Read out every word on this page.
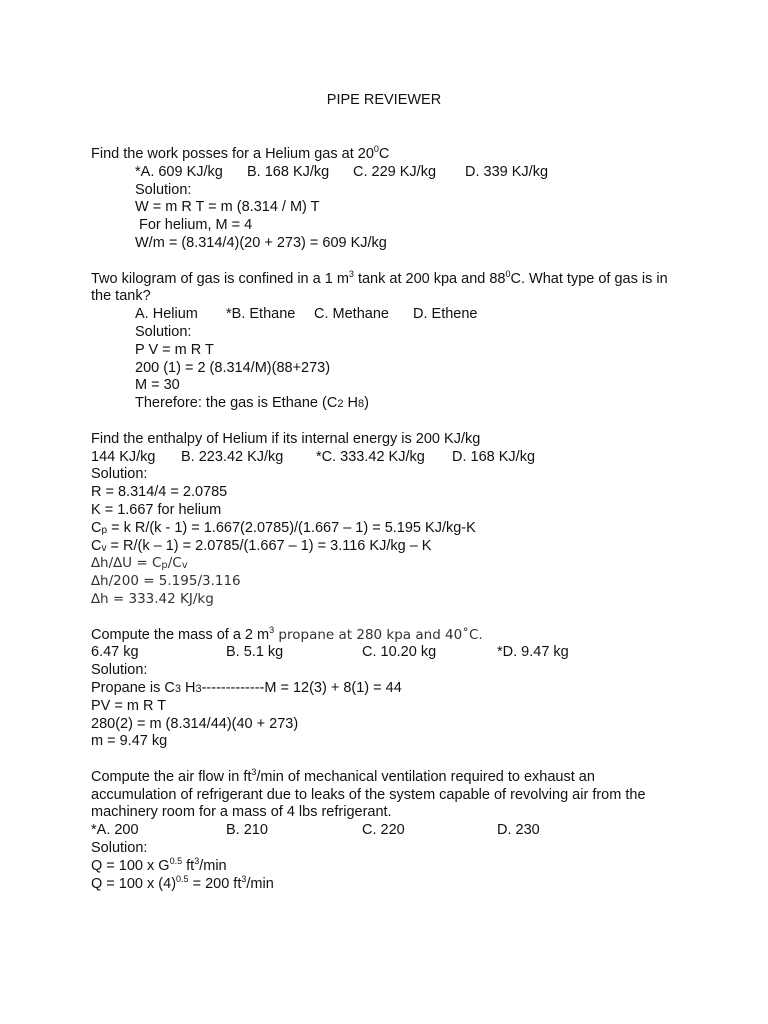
PIPE REVIEWER
Find the work posses for a Helium gas at $20^0C$
*A. 609 KJ/kg B. 168 KJ/kg C. 229 KJ/kg D. 339 KJ/kg
Solution:
W = m R T = m (8.314 / M) T
For helium, M = 4
W/m = (8.314/4)(20 + 273) = 609 KJ/kg
Two kilogram of gas is confined in a 1 $m^3$ tank at 200 kpa and $88^0C$. What type of gas is in the tank?
A. Helium *B. Ethane C. Methane D. Ethene
Solution:
P V = m R T
200 (1) = 2 (8.314/M)(88+273)
M = 30
Therefore: the gas is Ethane (C2 H8)
Find the enthalpy of Helium if its internal energy is 200 KJ/kg
144 KJ/kg B. 223.42 KJ/kg *C. 333.42 KJ/kg D. 168 KJ/kg
Solution:
R = 8.314/4 = 2.0785
K = 1.667 for helium
$C_p = k$ R/(k - 1) = 1.667(2.0785)/(1.667 – 1) = 5.195 KJ/kg-K
$C_v = R/(k - 1) = 2.0785/(1.667 - 1) = 3.116$ KJ/kg – K
$\Delta h/\Delta U = C_p/C_v$
∆h/200 = 5.195/3.116
∆h = 333.42 KJ/kg
Compute the mass of a 2 $m^3$ propane at 280 kpa and 40˚C.
6.47 kg	B. 5.1 kg	C. 10.20 kg	*D. 9.47 kg
Solution:
Propane is C3 H3-------------M = 12(3) + 8(1) = 44
PV = m R T
280(2) = m (8.314/44)(40 + 273)
m = 9.47 kg
Compute the air flow in $ft^3/\min$ of mechanical ventilation required to exhaust an accumulation of refrigerant due to leaks of the system capable of revolving air from the machinery room for a mass of 4 lbs refrigerant.
*A. 200	B. 210	C. 220	D. 230
Solution:
Q = 100 x $G^{0.5}$ $ft^3/\min$
Q = 100 x $(4)^{0.5} = 200$ $ft^3/\min$
